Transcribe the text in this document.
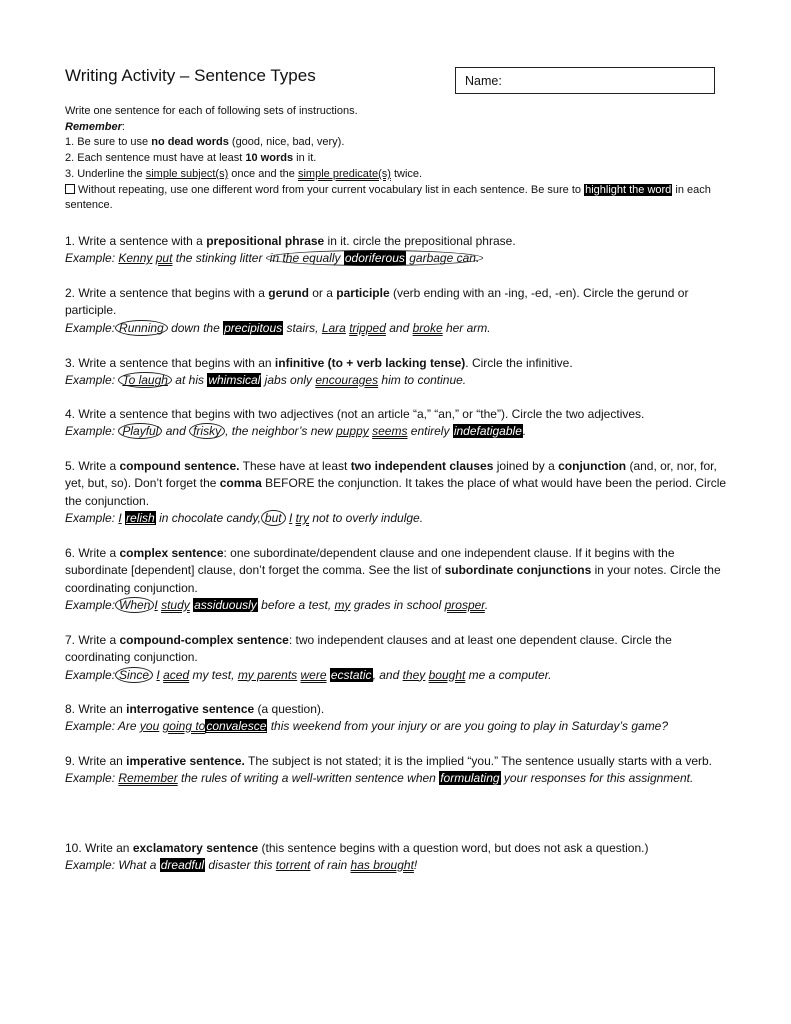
Writing Activity – Sentence Types	Name:
Write one sentence for each of following sets of instructions.
Remember:
1. Be sure to use no dead words (good, nice, bad, very).
2. Each sentence must have at least 10 words in it.
3. Underline the simple subject(s) once and the simple predicate(s) twice.
Without repeating, use one different word from your current vocabulary list in each sentence. Be sure to highlight the word in each sentence.
1. Write a sentence with a prepositional phrase in it. circle the prepositional phrase.
Example: Kenny put the stinking litter in the equally odoriferous garbage can.
2. Write a sentence that begins with a gerund or a participle (verb ending with an -ing, -ed, -en). Circle the gerund or participle.
Example: Running down the precipitous stairs, Lara tripped and broke her arm.
3. Write a sentence that begins with an infinitive (to + verb lacking tense). Circle the infinitive.
Example: To laugh at his whimsical jabs only encourages him to continue.
4. Write a sentence that begins with two adjectives (not an article “a,” “an,” or “the”). Circle the two adjectives.
Example: Playful and frisky , the neighbor’s new puppy seems entirely indefatigable.
5. Write a compound sentence. These have at least two independent clauses joined by a conjunction (and, or, nor, for, yet, but, so). Don’t forget the comma BEFORE the conjunction. It takes the place of what would have been the period. Circle the conjunction.
Example: I relish in chocolate candy, but I try not to overly indulge.
6. Write a complex sentence: one subordinate/dependent clause and one independent clause. If it begins with the subordinate [dependent] clause, don’t forget the comma. See the list of subordinate conjunctions in your notes. Circle the coordinating conjunction.
Example: When I study assiduously before a test, my grades in school prosper.
7. Write a compound-complex sentence: two independent clauses and at least one dependent clause. Circle the coordinating conjunction.
Example: Since I aced my test, my parents were ecstatic, and they bought me a computer.
8. Write an interrogative sentence (a question).
Example: Are you going toconvalesce this weekend from your injury or are you going to play in Saturday’s game?
9. Write an imperative sentence. The subject is not stated; it is the implied “you.” The sentence usually starts with a verb.
Example: Remember the rules of writing a well-written sentence when formulating your responses for this assignment.
10. Write an exclamatory sentence (this sentence begins with a question word, but does not ask a question.)
Example: What a dreadful disaster this torrent of rain has brought!
